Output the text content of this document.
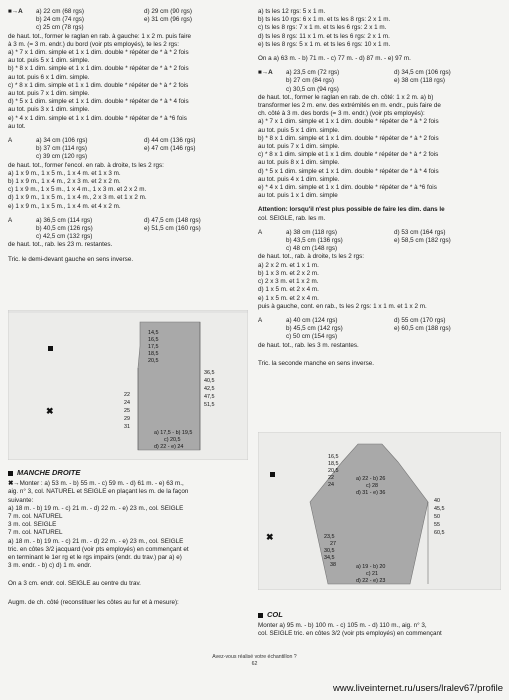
■→A	a) 22 cm (68 rgs)	d) 29 cm (90 rgs)
b) 24 cm (74 rgs)	e) 31 cm (96 rgs)
c) 25 cm (78 rgs)
de haut. tot., former le raglan en rab. à gauche: 1 x 2 m. puis faire
à 3 m. (= 3 m. endr.) du bord (voir pts employés), te les 2 rgs:
a) * 7 x 1 dim. simple et 1 x 1 dim. double * répéter de * à * 2 fois
au tot. puis 5 x 1 dim. simple.
b) * 8 x 1 dim. simple et 1 x 1 dim. double * répéter de * à * 2 fois
au tot. puis 6 x 1 dim. simple.
c) * 8 x 1 dim. simple et 1 x 1 dim. double * répéter de * à * 2 fois
au tot. puis 7 x 1 dim. simple.
d) * 5 x 1 dim. simple et 1 x 1 dim. double * répéter de * à * 4 fois
au tot. puis 3 x 1 dim. simple.
e) * 4 x 1 dim. simple et 1 x 1 dim. double * répéter de * à *6 fois
au tot.
A	a) 34 cm (106 rgs)	d) 44 cm (136 rgs)
b) 37 cm (114 rgs)	e) 47 cm (146 rgs)
c) 39 cm (120 rgs)
de haut. tot., former l'encol. en rab. à droite, ts les 2 rgs:
a) 1 x 9 m., 1 x 5 m., 1 x 4 m. et 1 x 3 m.
b) 1 x 9 m., 1 x 4 m., 2 x 3 m. et 2 x 2 m.
c) 1 x 9 m., 1 x 5 m., 1 x 4 m., 1 x 3 m. et 2 x 2 m.
d) 1 x 9 m., 1 x 5 m., 1 x 4 m., 2 x 3 m. et 1 x 2 m.
e) 1 x 9 m., 1 x 5 m., 1 x 4 m. et 4 x 2 m.
A	a) 36,5 cm (114 rgs)	d) 47,5 cm (148 rgs)
b) 40,5 cm (126 rgs)	e) 51,5 cm (160 rgs)
c) 42,5 cm (132 rgs)
de haut. tot., rab. les 23 m. restantes.
Tric. le demi-devant gauche en sens inverse.
✖
14,5
16,5
17,5
18,5
20,5
36,5
40,5
42,5
47,5
51,5
22
24
25
29
31
a) 17,5 - b) 19,5
c) 20,5
d) 22 - e) 24
MANCHE DROITE
✖→Monter : a) 53 m. - b) 55 m. - c) 59 m. - d) 61 m. - e) 63 m.,
aig. n° 3, col. NATUREL et SEIGLE en plaçant les m. de la façon
suivante:
a) 18 m. - b) 19 m. - c) 21 m. - d) 22 m. - e) 23 m., col. SEIGLE
7 m. col. NATUREL
3 m. col. SEIGLE
7 m. col. NATUREL
a) 18 m. - b) 19 m. - c) 21 m. - d) 22 m. - e) 23 m., col. SEIGLE
tric. en côtes 3/2 jacquard (voir pts employés) en commençant et
en terminant le 1er rg et le rgs impairs (endr. du trav.) par a) e)
3 m. endr. - b) c) d) 1 m. endr.
On a 3 cm. endr. col. SEIGLE au centre du trav.
Augm. de ch. côté (reconstituer les côtes au fur et à mesure):
a) ts les 12 rgs: 5 x 1 m.
b) ts les 10 rgs: 6 x 1 m. et ts les 8 rgs: 2 x 1 m.
c) ts les 8 rgs: 7 x 1 m. et ts les 6 rgs: 2 x 1 m.
d) ts les 8 rgs: 11 x 1 m. et ts les 6 rgs: 2 x 1 m.
e) ts les 8 rgs: 5 x 1 m. et ts les 6 rgs: 10 x 1 m.
On a a) 63 m. - b) 71 m. - c) 77 m. - d) 87 m. - e) 97 m.
■→A	a) 23,5 cm (72 rgs)	d) 34,5 cm (106 rgs)
b) 27 cm (84 rgs)	e) 38 cm (118 rgs)
c) 30,5 cm (94 rgs)
de haut. tot., former le raglan en rab. de ch. côté: 1 x 2 m. a) b)
transformer les 2 m. env. des extrémités en m. endr., puis faire de
ch. côté à 3 m. des bords (= 3 m. endr.) (voir pts employés):
a) * 7 x 1 dim. simple et 1 x 1 dim. double * répéter de * à * 2 fois
au tot. puis 5 x 1 dim. simple.
b) * 8 x 1 dim. simple et 1 x 1 dim. double * répéter de * à * 2 fois
au tot. puis 7 x 1 dim. simple.
c) * 8 x 1 dim. simple et 1 x 1 dim. double * répéter de * à * 2 fois
au tot. puis 8 x 1 dim. simple.
d) * 5 x 1 dim. simple et 1 x 1 dim. double * répéter de * à * 4 fois
au tot. puis 4 x 1 dim. simple.
e) * 4 x 1 dim. simple et 1 x 1 dim. double * répéter de * à *6 fois
au tot. puis 1 x 1 dim. simple
Attention: lorsqu'il n'est plus possible de faire les dim. dans le
col. SEIGLE, rab. les m.
A	a) 38 cm (118 rgs)	d) 53 cm (164 rgs)
b) 43,5 cm (136 rgs)	e) 58,5 cm (182 rgs)
c) 48 cm (148 rgs)
de haut. tot., rab. à droite, ts les 2 rgs:
a) 2 x 2 m. et 1 x 1 m.
b) 1 x 3 m. et 2 x 2 m.
c) 2 x 3 m. et 1 x 2 m.
d) 1 x 5 m. et 2 x 4 m.
e) 1 x 5 m. et 2 x 4 m.
puis à gauche, cont. en rab., ts les 2 rgs: 1 x 1 m. et 1 x 2 m.
A	a) 40 cm (124 rgs)	d) 55 cm (170 rgs)
b) 45,5 cm (142 rgs)	e) 60,5 cm (188 rgs)
c) 50 cm (154 rgs)
de haut. tot., rab. les 3 m. restantes.
Tric. la seconde manche en sens inverse.
✖
16,5
18,5
20,5
22
24
a) 22 - b) 26
c) 28
d) 31 - e) 36
40
45,5
50
55
60,5
23,5
27
30,5
34,5
38	a) 19 - b) 20
c) 21
d) 22 - e) 23
COL
Monter a) 95 m. - b) 100 m. - c) 105 m. - d) 110 m., aig. n° 3,
col. SEIGLE tric. en côtes 3/2 (voir pts employés) en commençant
Avez-vous réalisé votre échantillon ?
62
www.liveinternet.ru/users/lralev67/profile
